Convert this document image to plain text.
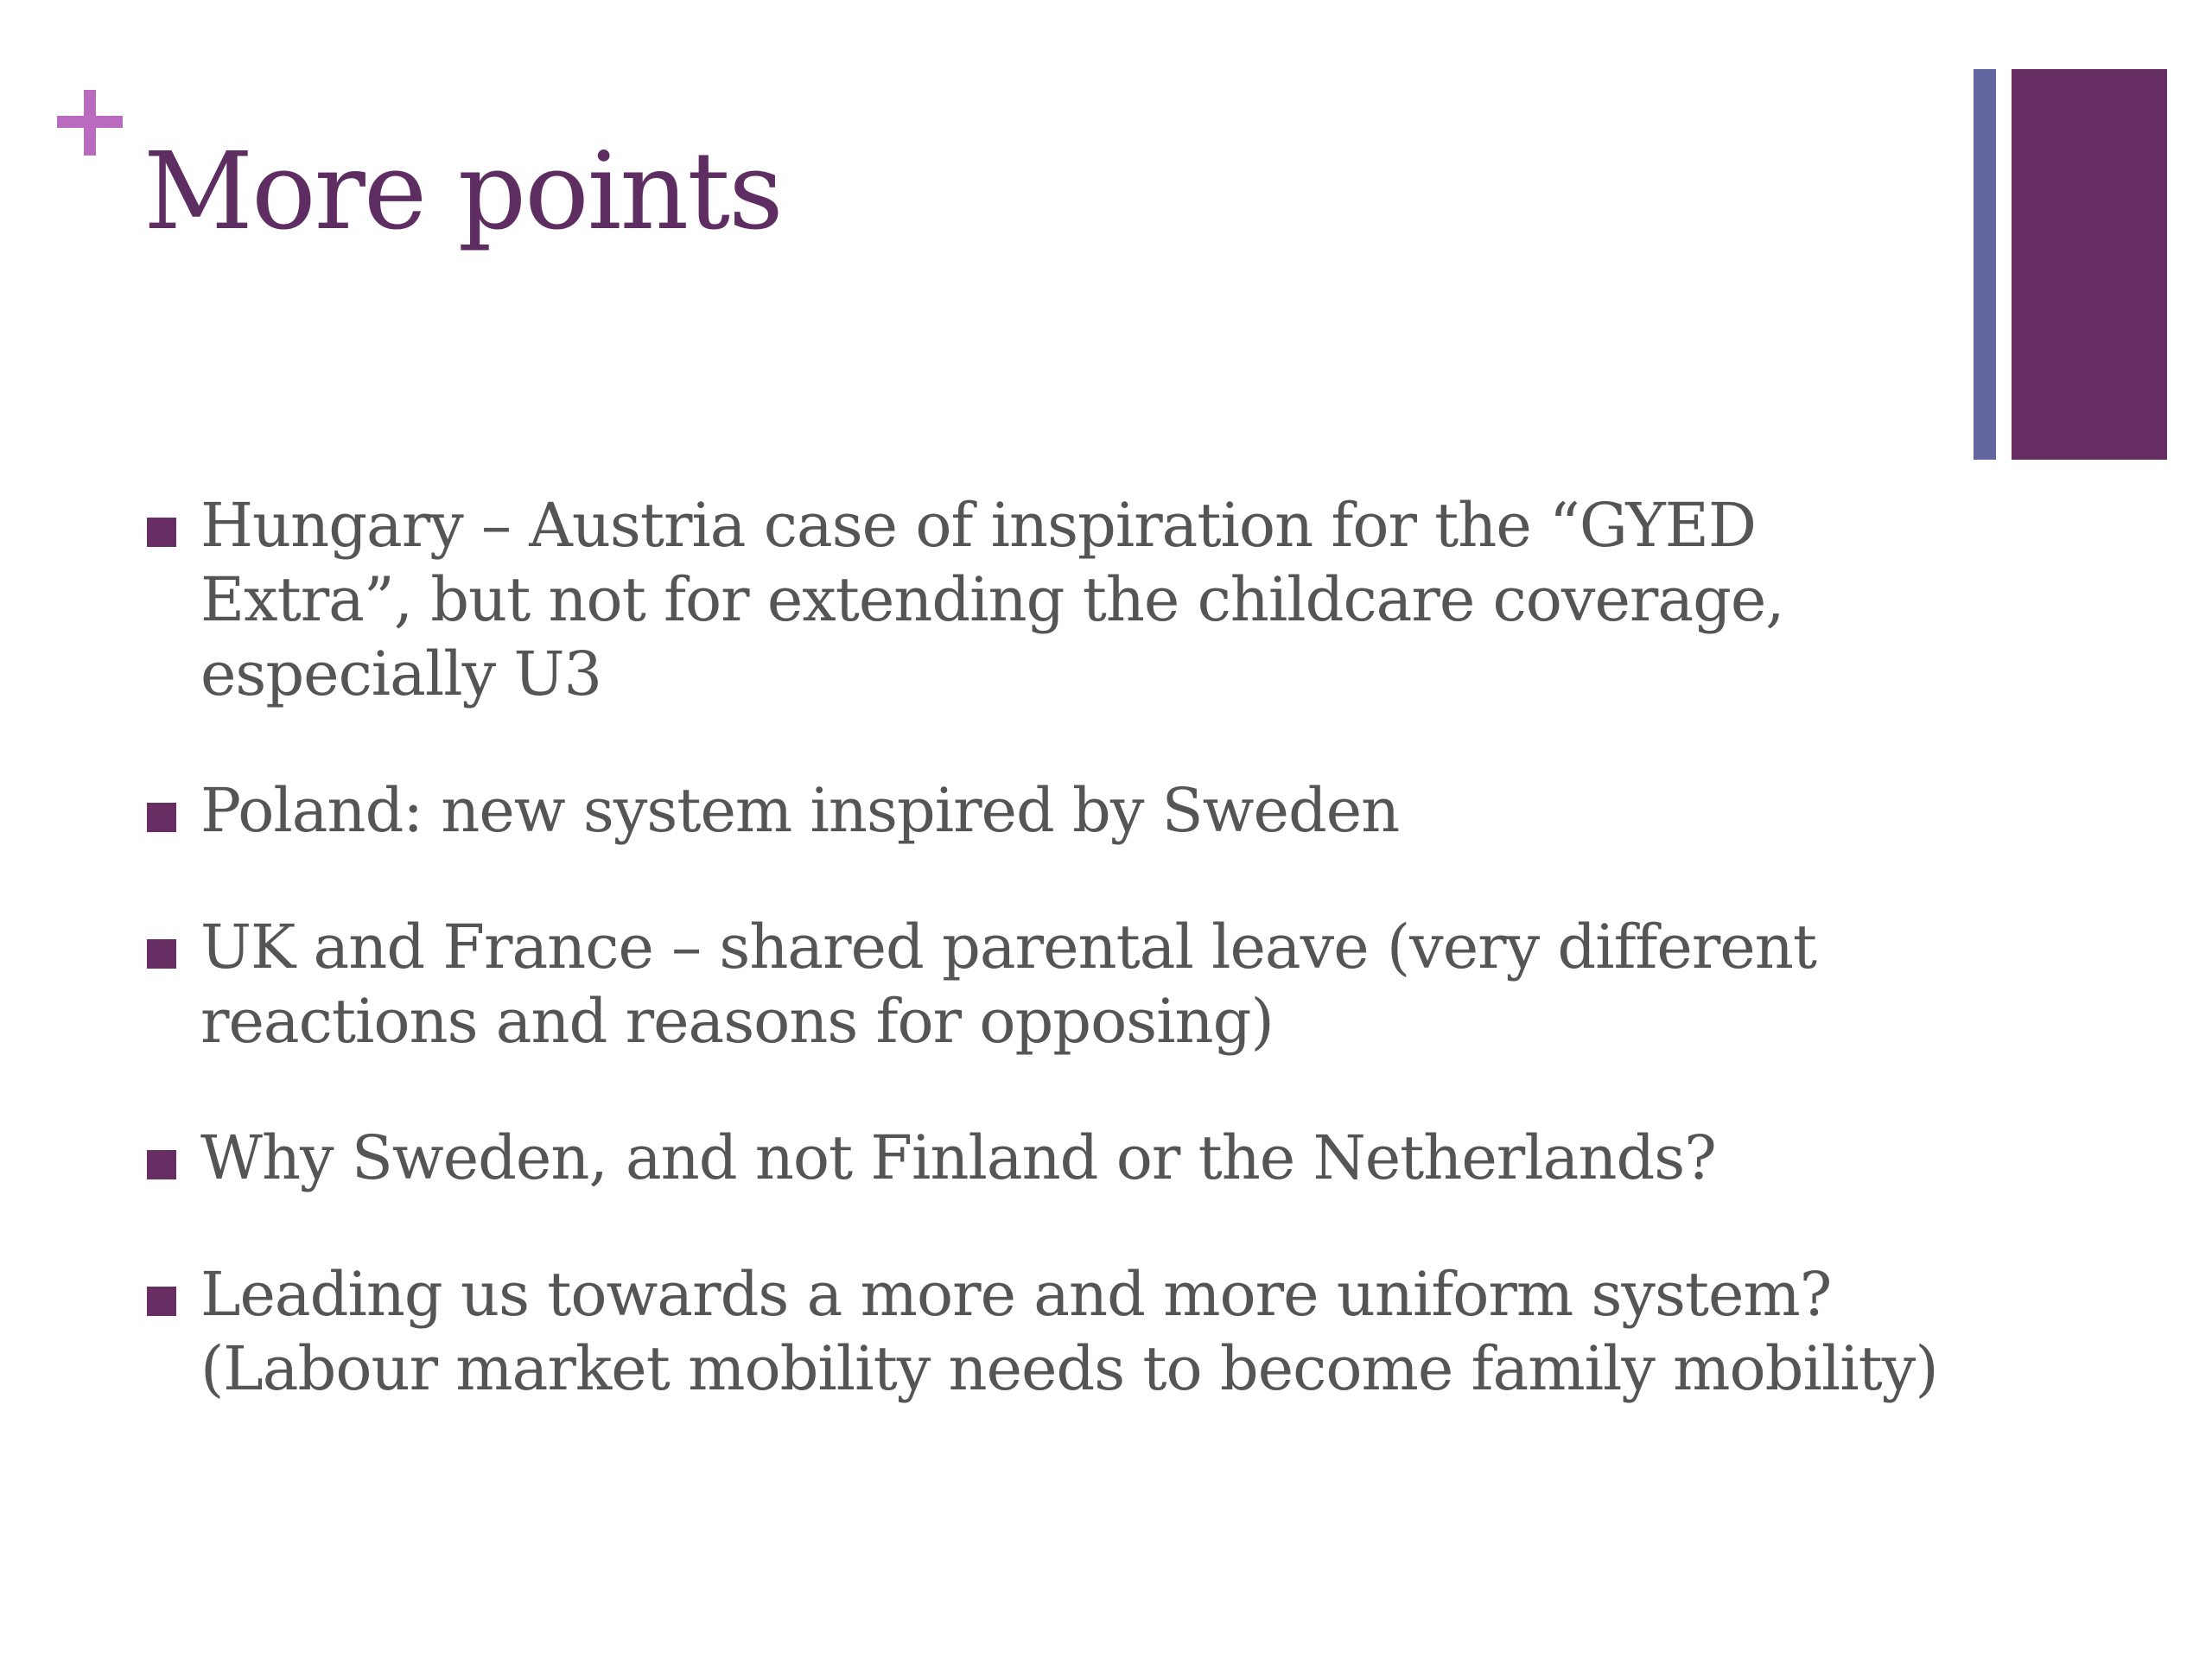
More points
Hungary – Austria case of inspiration for the “GYED Extra”, but not for extending the childcare coverage, especially U3
Poland: new system inspired by Sweden
UK and France – shared parental leave (very different reactions and reasons for opposing)
Why Sweden, and not Finland or the Netherlands?
Leading us towards a more and more uniform system? (Labour market mobility needs to become family mobility)
